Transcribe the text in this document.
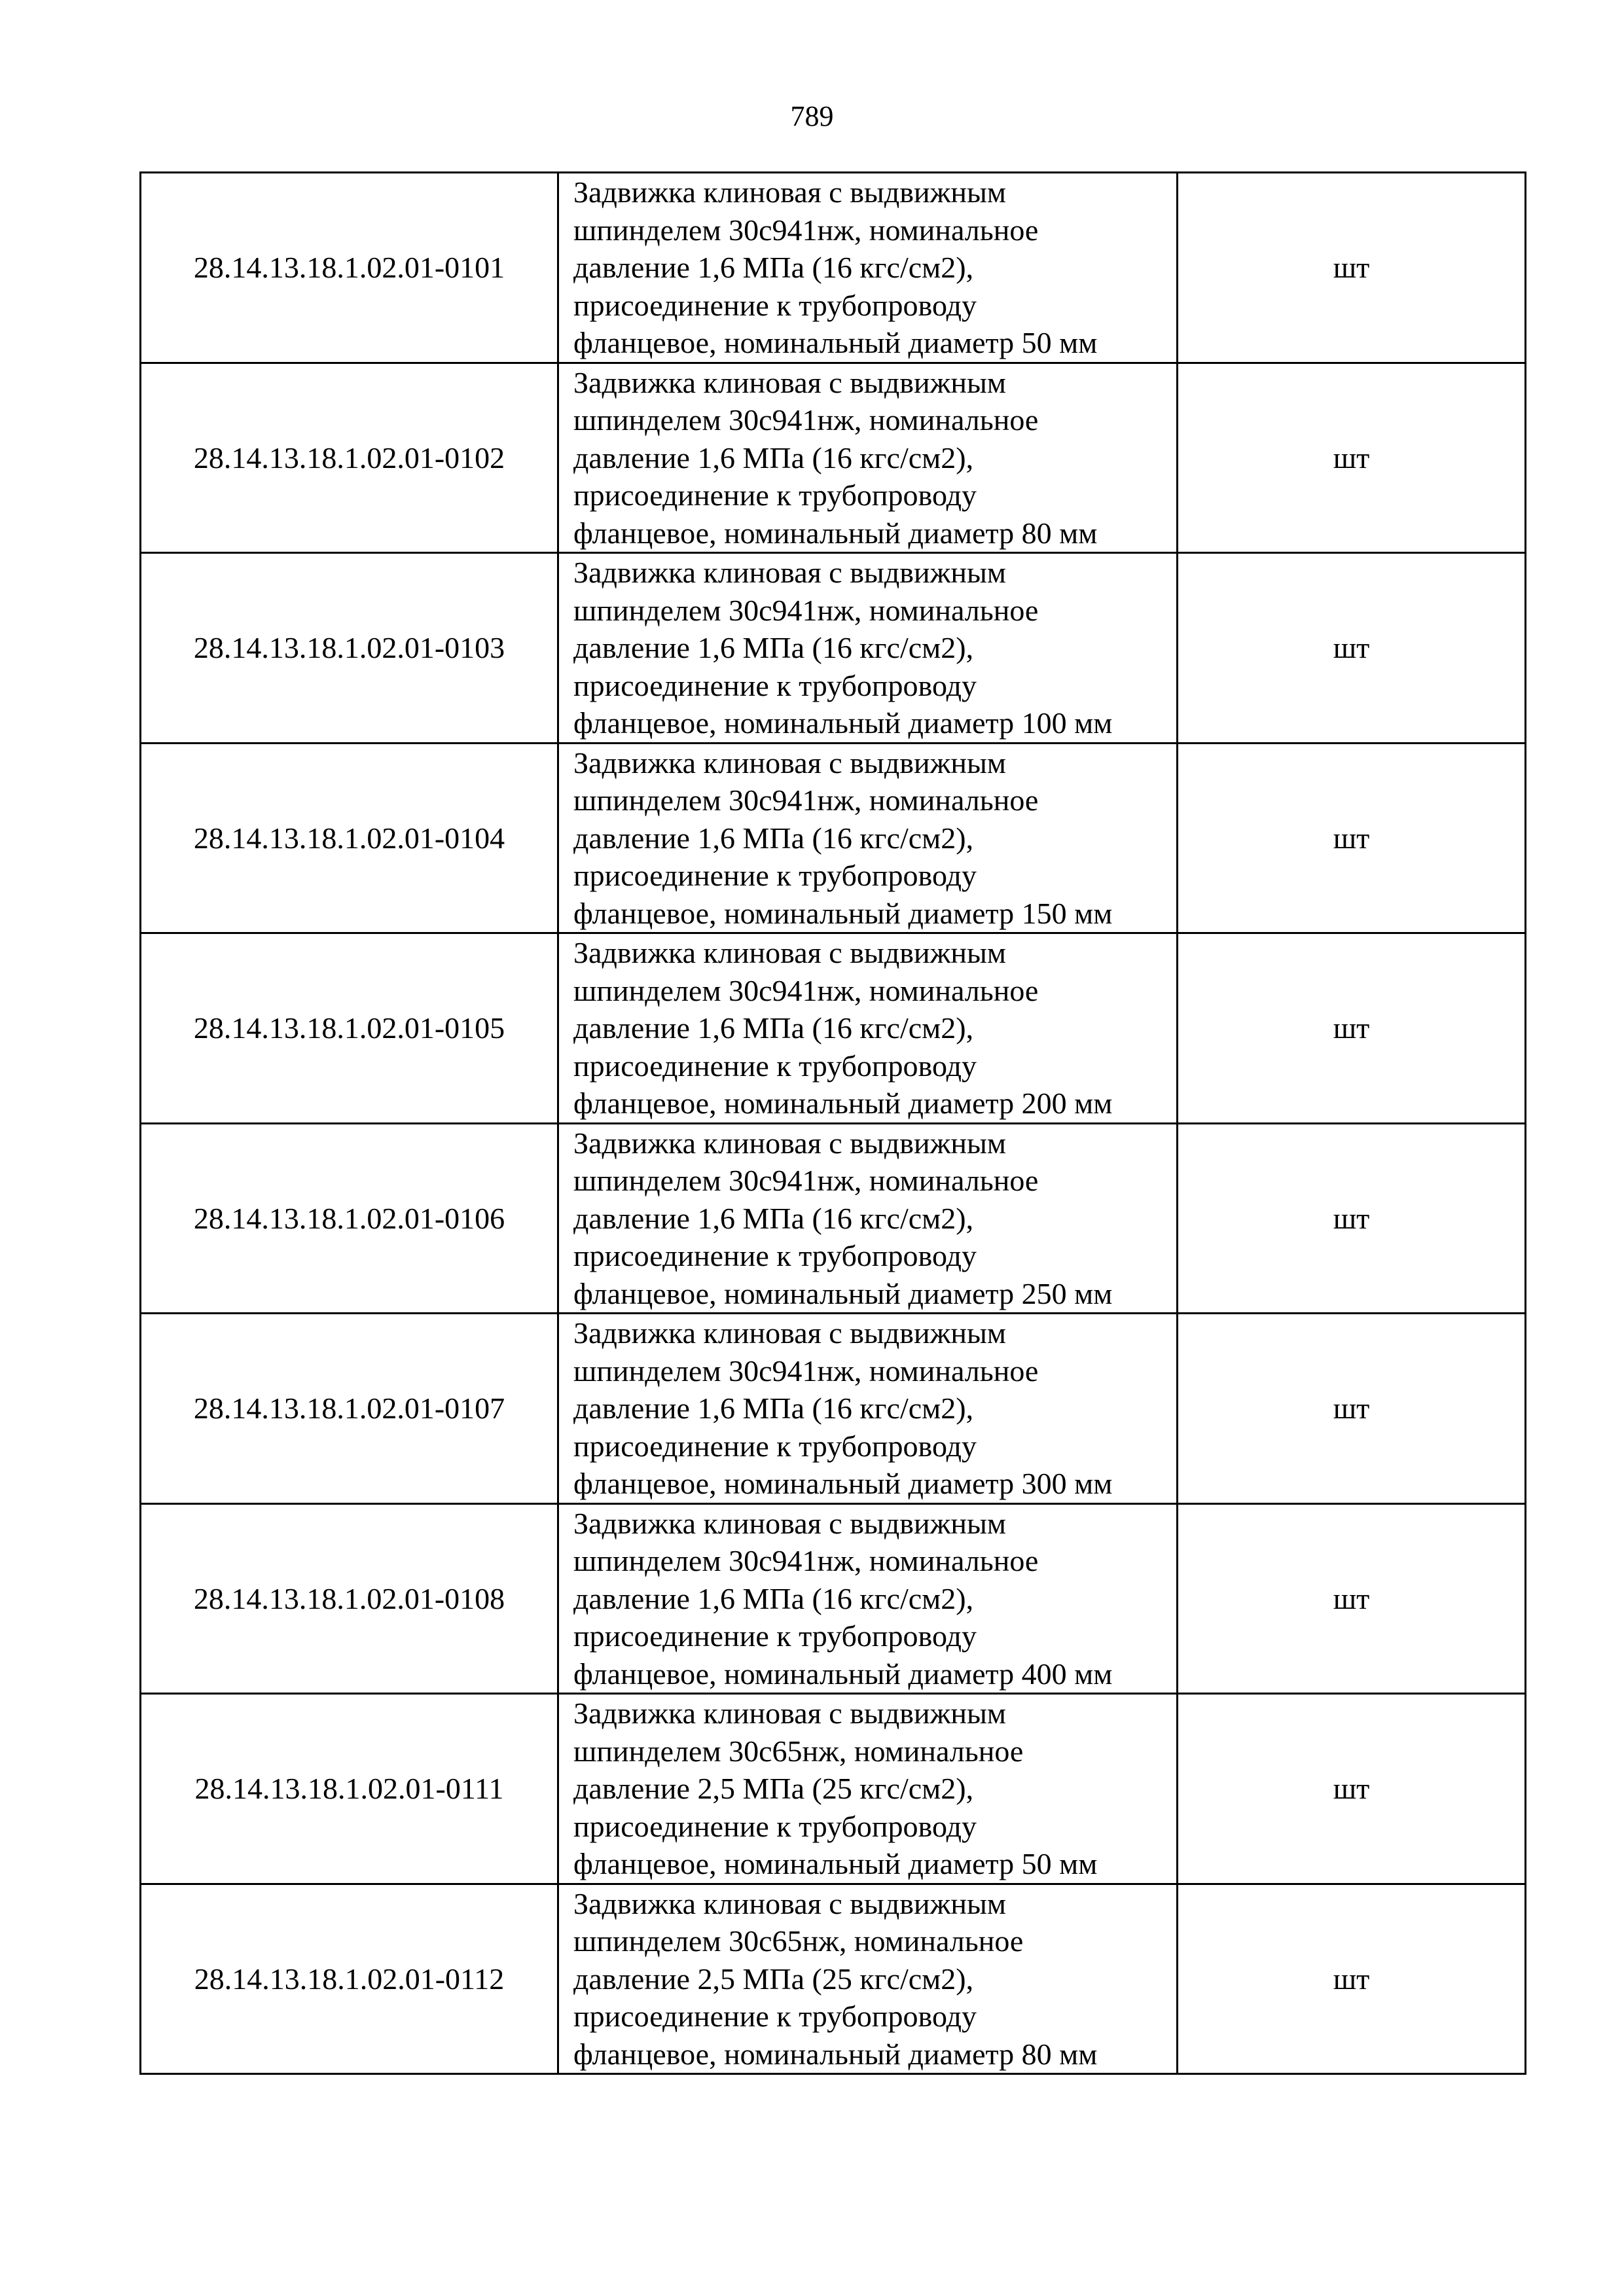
789
28.14.13.18.1.02.01-0101	Задвижка клиновая с выдвижным
шпинделем 30с941нж, номинальное
давление 1,6 МПа (16 кгс/см2),
присоединение к трубопроводу
фланцевое, номинальный диаметр 50 мм	шт
28.14.13.18.1.02.01-0102	Задвижка клиновая с выдвижным
шпинделем 30с941нж, номинальное
давление 1,6 МПа (16 кгс/см2),
присоединение к трубопроводу
фланцевое, номинальный диаметр 80 мм	шт
28.14.13.18.1.02.01-0103	Задвижка клиновая с выдвижным
шпинделем 30с941нж, номинальное
давление 1,6 МПа (16 кгс/см2),
присоединение к трубопроводу
фланцевое, номинальный диаметр 100 мм	шт
28.14.13.18.1.02.01-0104	Задвижка клиновая с выдвижным
шпинделем 30с941нж, номинальное
давление 1,6 МПа (16 кгс/см2),
присоединение к трубопроводу
фланцевое, номинальный диаметр 150 мм	шт
28.14.13.18.1.02.01-0105	Задвижка клиновая с выдвижным
шпинделем 30с941нж, номинальное
давление 1,6 МПа (16 кгс/см2),
присоединение к трубопроводу
фланцевое, номинальный диаметр 200 мм	шт
28.14.13.18.1.02.01-0106	Задвижка клиновая с выдвижным
шпинделем 30с941нж, номинальное
давление 1,6 МПа (16 кгс/см2),
присоединение к трубопроводу
фланцевое, номинальный диаметр 250 мм	шт
28.14.13.18.1.02.01-0107	Задвижка клиновая с выдвижным
шпинделем 30с941нж, номинальное
давление 1,6 МПа (16 кгс/см2),
присоединение к трубопроводу
фланцевое, номинальный диаметр 300 мм	шт
28.14.13.18.1.02.01-0108	Задвижка клиновая с выдвижным
шпинделем 30с941нж, номинальное
давление 1,6 МПа (16 кгс/см2),
присоединение к трубопроводу
фланцевое, номинальный диаметр 400 мм	шт
28.14.13.18.1.02.01-0111	Задвижка клиновая с выдвижным
шпинделем 30с65нж, номинальное
давление 2,5 МПа (25 кгс/см2),
присоединение к трубопроводу
фланцевое, номинальный диаметр 50 мм	шт
28.14.13.18.1.02.01-0112	Задвижка клиновая с выдвижным
шпинделем 30с65нж, номинальное
давление 2,5 МПа (25 кгс/см2),
присоединение к трубопроводу
фланцевое, номинальный диаметр 80 мм	шт
